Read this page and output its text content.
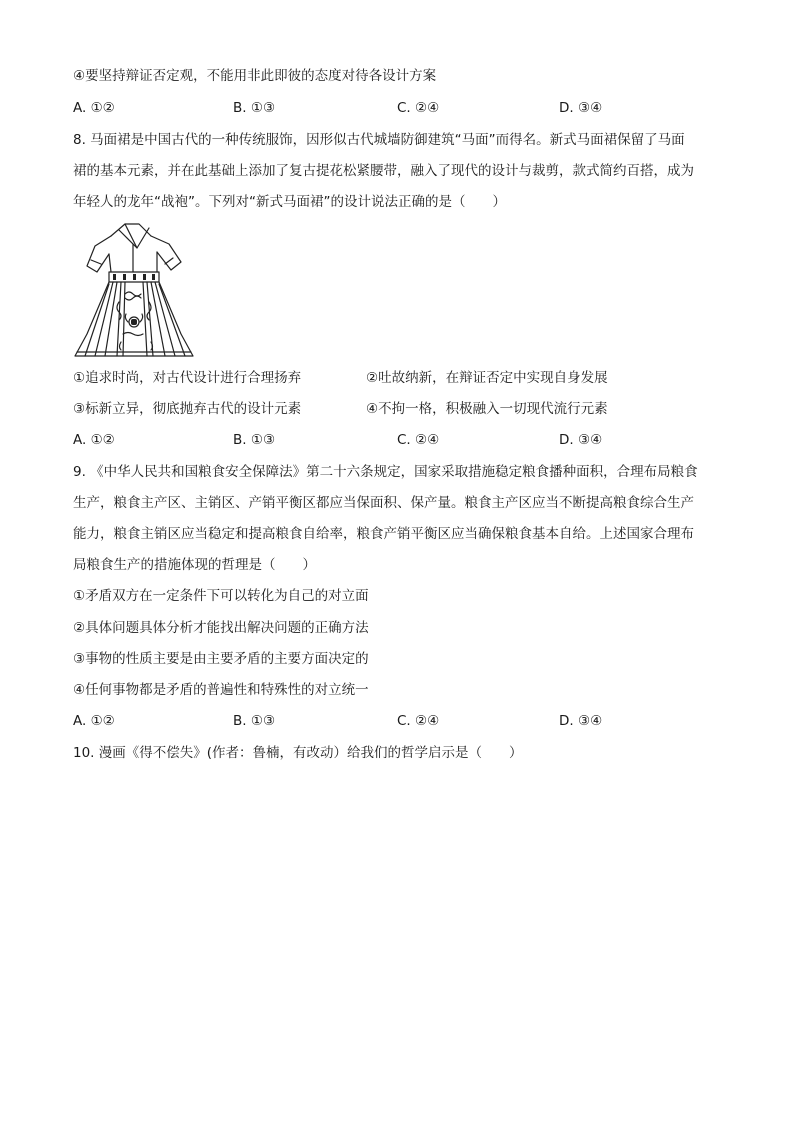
④要坚持辩证否定观，不能用非此即彼的态度对待各设计方案
A. ①②	B. ①③	C. ②④	D. ③④
8. 马面裙是中国古代的一种传统服饰，因形似古代城墙防御建筑“马面”而得名。新式马面裙保留了马面
裙的基本元素，并在此基础上添加了复古提花松紧腰带，融入了现代的设计与裁剪，款式简约百搭，成为
年轻人的龙年“战袍”。下列对“新式马面裙”的设计说法正确的是（　　）
①追求时尚，对古代设计进行合理扬弃	②吐故纳新，在辩证否定中实现自身发展
③标新立异，彻底抛弃古代的设计元素	④不拘一格，积极融入一切现代流行元素
A. ①②	B. ①③	C. ②④	D. ③④
9. 《中华人民共和国粮食安全保障法》第二十六条规定，国家采取措施稳定粮食播种面积，合理布局粮食
生产，粮食主产区、主销区、产销平衡区都应当保面积、保产量。粮食主产区应当不断提高粮食综合生产
能力，粮食主销区应当稳定和提高粮食自给率，粮食产销平衡区应当确保粮食基本自给。上述国家合理布
局粮食生产的措施体现的哲理是（　　）
①矛盾双方在一定条件下可以转化为自己的对立面
②具体问题具体分析才能找出解决问题的正确方法
③事物的性质主要是由主要矛盾的主要方面决定的
④任何事物都是矛盾的普遍性和特殊性的对立统一
A. ①②	B. ①③	C. ②④	D. ③④
10. 漫画《得不偿失》(作者：鲁楠，有改动）给我们的哲学启示是（　　）
